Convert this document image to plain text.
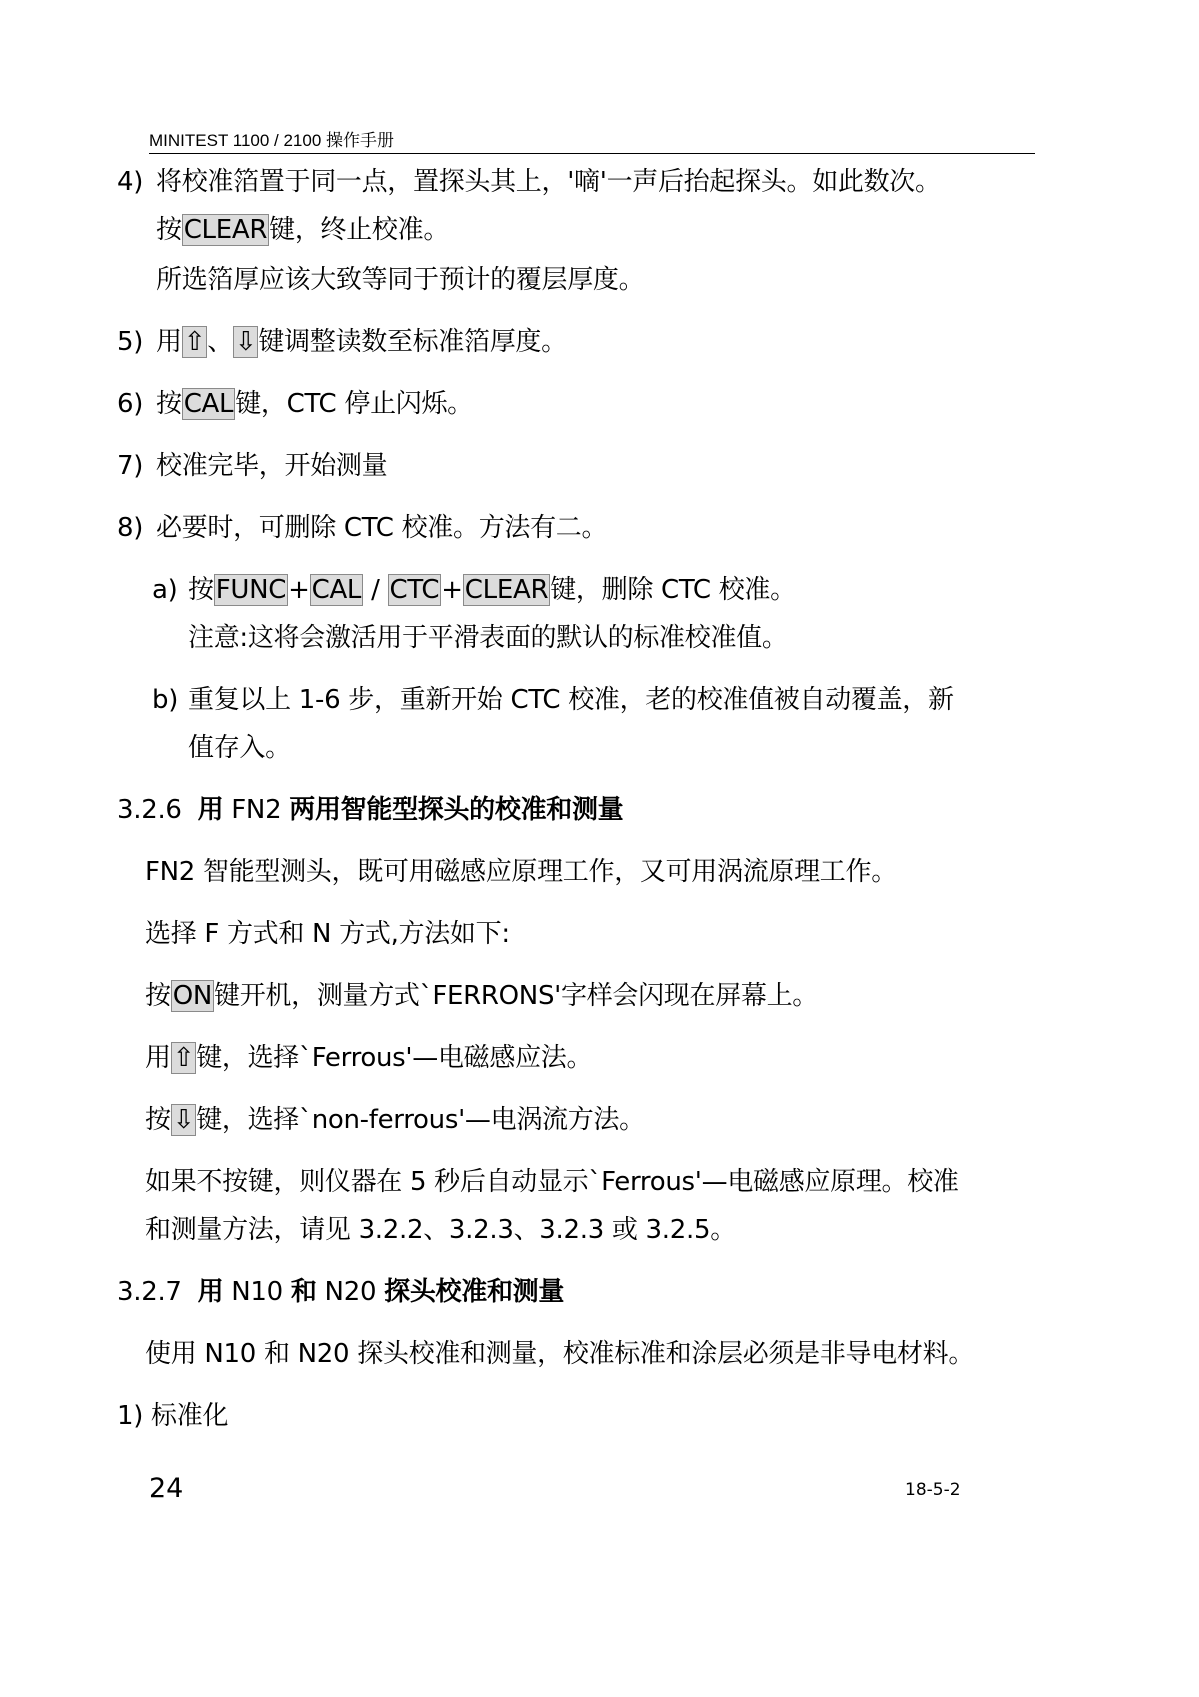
MINITEST 1100 / 2100 操作手册
4) 将校准箔置于同一点，置探头其上，'嘀'一声后抬起探头。如此数次。
按CLEAR键，终止校准。
所选箔厚应该大致等同于预计的覆层厚度。
5) 用⇧、⇩键调整读数至标准箔厚度。
6) 按CAL键，CTC 停止闪烁。
7) 校准完毕，开始测量
8) 必要时，可删除 CTC 校准。方法有二。
a) 按FUNC+CAL / CTC+CLEAR键，删除 CTC 校准。
注意:这将会激活用于平滑表面的默认的标准校准值。
b) 重复以上 1-6 步，重新开始 CTC 校准，老的校准值被自动覆盖，新
值存入。
3.2.6 用 FN2 两用智能型探头的校准和测量
FN2 智能型测头，既可用磁感应原理工作，又可用涡流原理工作。
选择 F 方式和 N 方式,方法如下:
按ON键开机，测量方式`FERRONS'字样会闪现在屏幕上。
用⇧键，选择`Ferrous'—电磁感应法。
按⇩键，选择`non-ferrous'—电涡流方法。
如果不按键，则仪器在 5 秒后自动显示`Ferrous'—电磁感应原理。校准
和测量方法，请见 3.2.2、3.2.3、3.2.3 或 3.2.5。
3.2.7 用 N10 和 N20 探头校准和测量
使用 N10 和 N20 探头校准和测量，校准标准和涂层必须是非导电材料。
1) 标准化
24	18-5-2
